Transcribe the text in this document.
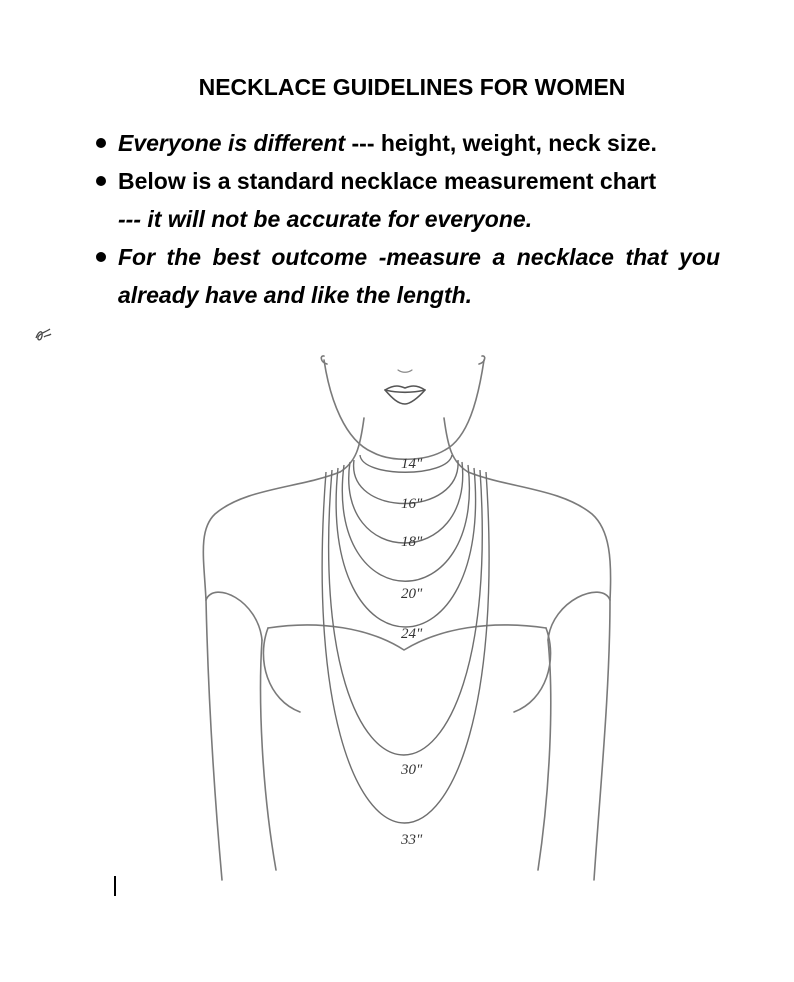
NECKLACE GUIDELINES FOR WOMEN
Everyone is different --- height, weight, neck size.
Below is a standard necklace measurement chart
--- it will not be accurate for everyone.
For the best outcome -measure a necklace that you already have and like the length.
14"
16"
18"
20"
24"
30"
33"
